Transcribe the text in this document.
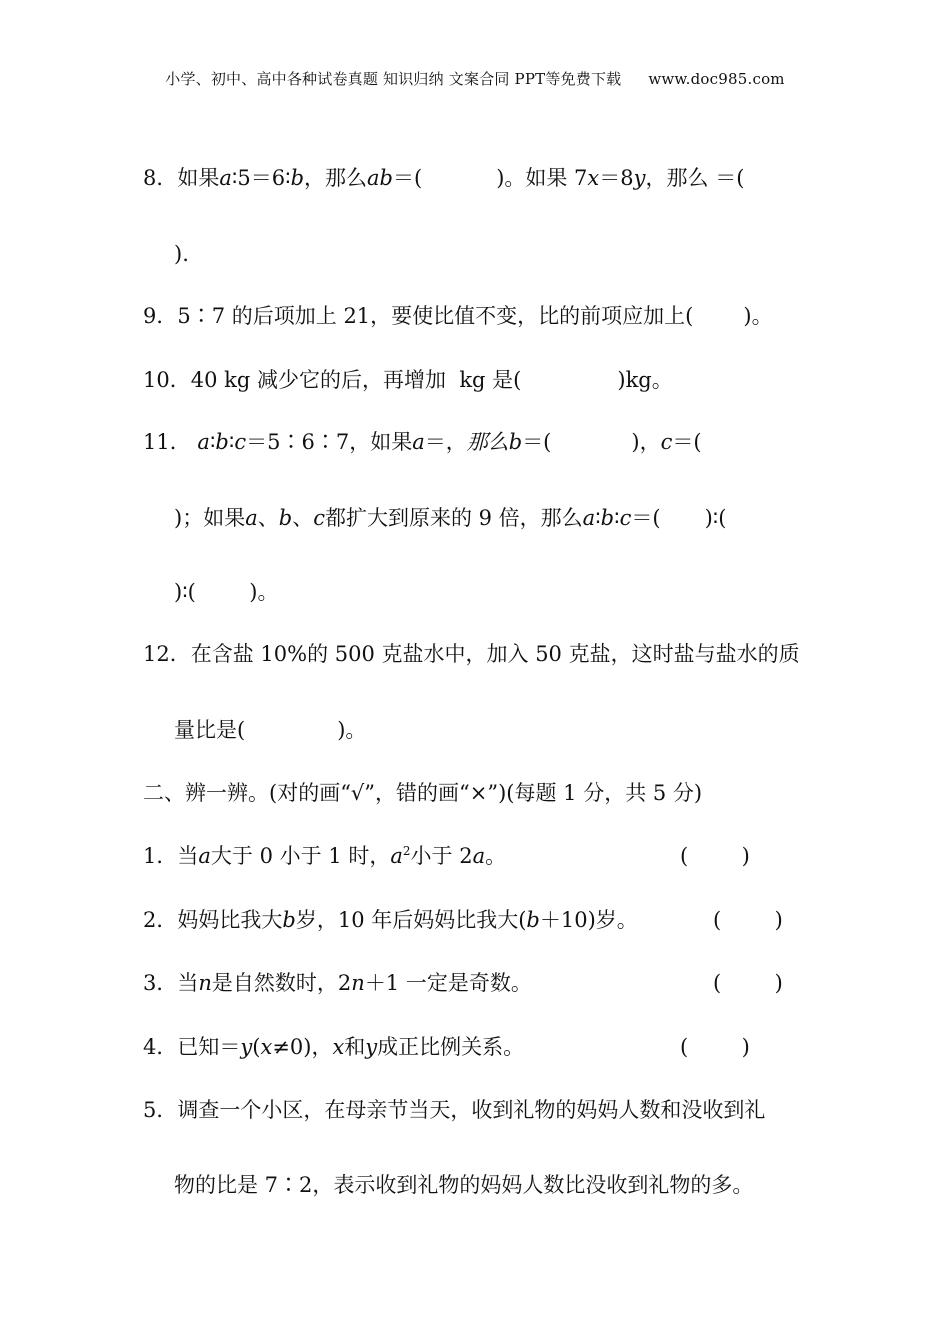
小学、初中、高中各种试卷真题 知识归纳 文案合同 PPT等免费下载 www.doc985.com
8．如果a∶5＝6∶b，那么ab＝(	)。如果 7x＝8y，那么 ＝(
).
9．5∶7 的后项加上 21，要使比值不变，比的前项应加上( )。
10．40 kg 减少它的后，再增加  kg 是(	)kg。
11． a∶b∶c＝5∶6∶7，如果a＝，那么b＝(	)，c＝(
)；如果a、b、c都扩大到原来的 9 倍，那么a∶b∶c＝( )∶(
)∶(        )。
12．在含盐 10%的 500 克盐水中，加入 50 克盐，这时盐与盐水的质
量比是(	)。
二、辨一辨。(对的画“√”，错的画“×”)(每题 1 分，共 5 分)
1．当a大于 0 小于 1 时，$a^2$小于 2a。	(        )
2．妈妈比我大b岁，10 年后妈妈比我大(b＋10)岁。	(        )
3．当n是自然数时，2n＋1 一定是奇数。	(        )
4．已知＝y(x≠0)，x和y成正比例关系。	(        )
5．调查一个小区，在母亲节当天，收到礼物的妈妈人数和没收到礼
物的比是 7∶2，表示收到礼物的妈妈人数比没收到礼物的多。
